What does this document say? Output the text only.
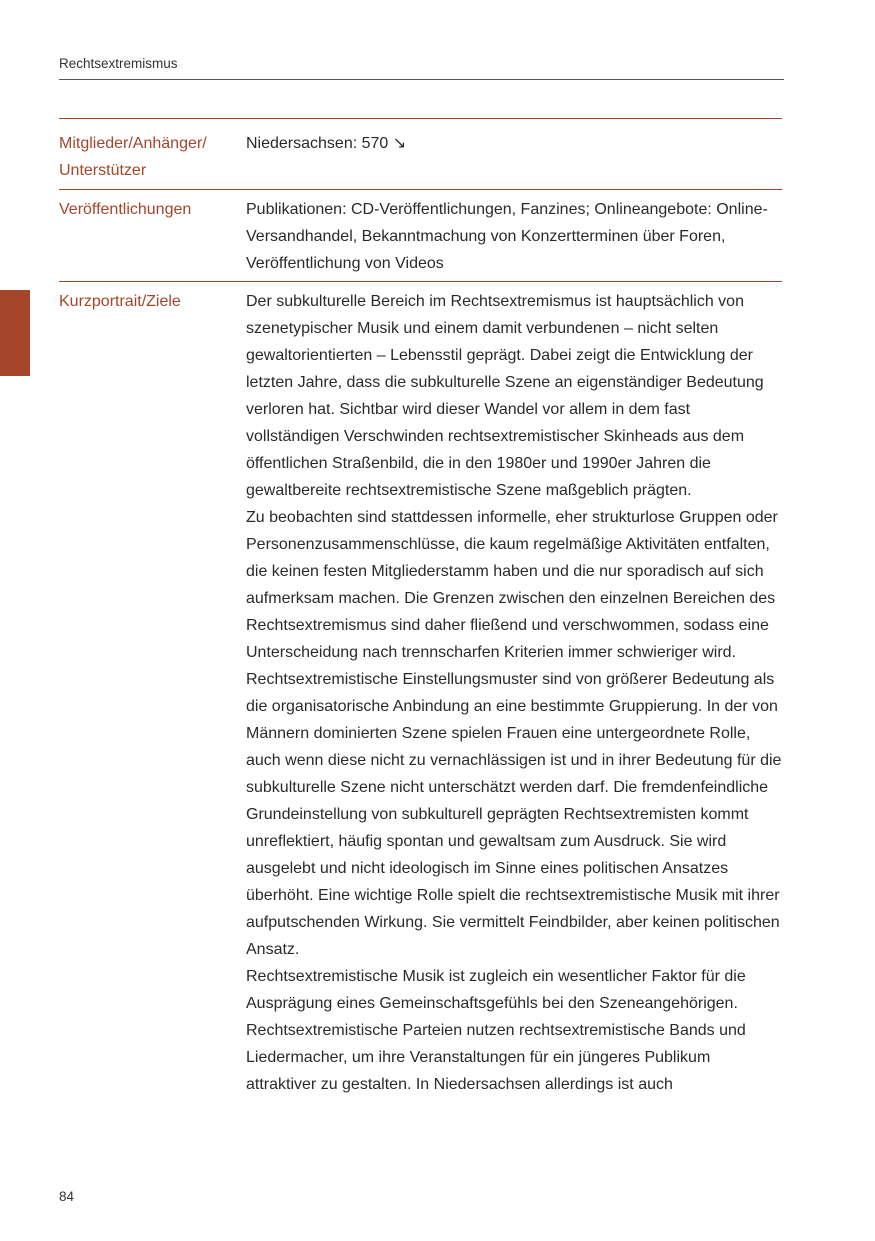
Rechtsextremismus
Mitglieder/Anhänger/
Unterstützer
Niedersachsen: 570 ↘
Veröffentlichungen	Publikationen: CD-Veröffentlichungen, Fanzines; Onlineangebote: Online-Versandhandel, Bekanntmachung von Konzertterminen über Foren, Veröffentlichung von Videos
Kurzportrait/Ziele	Der subkulturelle Bereich im Rechtsextremismus ist hauptsächlich von szenetypischer Musik und einem damit verbundenen – nicht selten gewaltorientierten – Lebensstil geprägt. Dabei zeigt die Entwicklung der letzten Jahre, dass die subkulturelle Szene an eigenständiger Bedeutung verloren hat. Sichtbar wird dieser Wandel vor allem in dem fast vollständigen Verschwinden rechtsextremistischer Skinheads aus dem öffentlichen Straßenbild, die in den 1980er und 1990er Jahren die gewaltbereite rechtsextremistische Szene maßgeblich prägten.

Zu beobachten sind stattdessen informelle, eher strukturlose Gruppen oder Personenzusammenschlüsse, die kaum regelmäßige Aktivitäten entfalten, die keinen festen Mitgliederstamm haben und die nur sporadisch auf sich aufmerksam machen. Die Grenzen zwischen den einzelnen Bereichen des Rechtsextremismus sind daher fließend und verschwommen, sodass eine Unterscheidung nach trennscharfen Kriterien immer schwieriger wird. Rechtsextremistische Einstellungsmuster sind von größerer Bedeutung als die organisatorische Anbindung an eine bestimmte Gruppierung. In der von Männern dominierten Szene spielen Frauen eine untergeordnete Rolle, auch wenn diese nicht zu vernachlässigen ist und in ihrer Bedeutung für die subkulturelle Szene nicht unterschätzt werden darf. Die fremdenfeindliche Grundeinstellung von subkulturell geprägten Rechtsextremisten kommt unreflektiert, häufig spontan und gewaltsam zum Ausdruck. Sie wird ausgelebt und nicht ideologisch im Sinne eines politischen Ansatzes überhöht. Eine wichtige Rolle spielt die rechtsextremistische Musik mit ihrer aufputschenden Wirkung. Sie vermittelt Feindbilder, aber keinen politischen Ansatz.

Rechtsextremistische Musik ist zugleich ein wesentlicher Faktor für die Ausprägung eines Gemeinschaftsgefühls bei den Szeneangehörigen. Rechtsextremistische Parteien nutzen rechtsextremistische Bands und Liedermacher, um ihre Veranstaltungen für ein jüngeres Publikum attraktiver zu gestalten. In Niedersachsen allerdings ist auch

84
